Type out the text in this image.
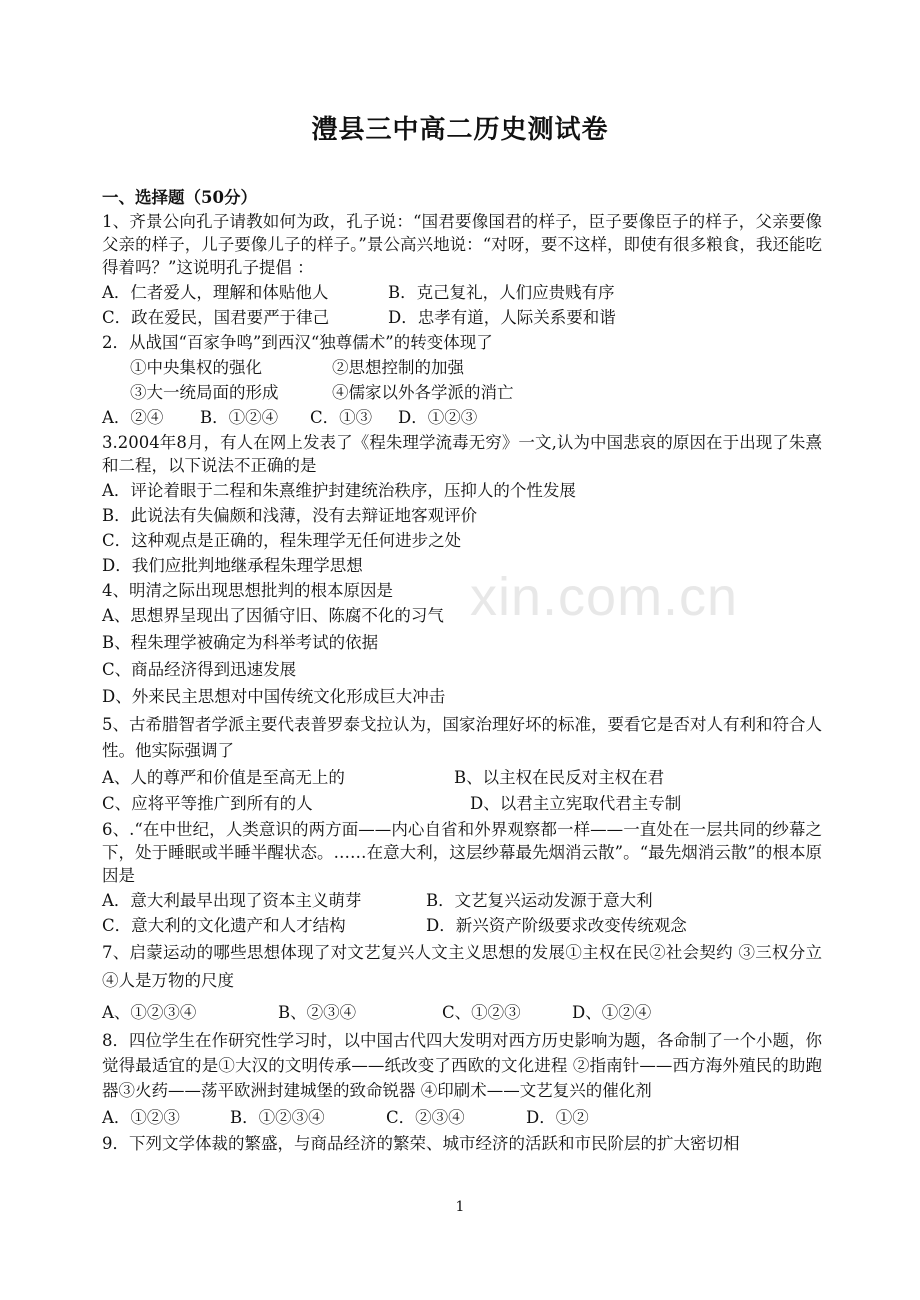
xin.com.cn
澧县三中高二历史测试卷
一、选择题（50分）

1、齐景公向孔子请教如何为政，孔子说：“国君要像国君的样子，臣子要像臣子的样子，父亲要像父亲的样子，儿子要像儿子的样子。”景公高兴地说：“对呀，要不这样，即使有很多粮食，我还能吃得着吗？”这说明孔子提倡 ：

A．仁者爱人，理解和体贴他人	B．克己复礼，人们应贵贱有序
C．政在爱民，国君要严于律己	D．忠孝有道，人际关系要和谐

2．从战国“百家争鸣”到西汉“独尊儒术”的转变体现了

①中央集权的强化	②思想控制的加强
③大一统局面的形成	④儒家以外各学派的消亡
A．②④	B．①②④	C．①③	D．①②③

3.2004年8月，有人在网上发表了《程朱理学流毒无穷》一文,认为中国悲哀的原因在于出现了朱熹和二程，以下说法不正确的是

A．评论着眼于二程和朱熹维护封建统治秩序，压抑人的个性发展

B．此说法有失偏颇和浅薄，没有去辩证地客观评价

C．这种观点是正确的，程朱理学无任何进步之处

D．我们应批判地继承程朱理学思想

4、明清之际出现思想批判的根本原因是

A、思想界呈现出了因循守旧、陈腐不化的习气

B、程朱理学被确定为科举考试的依据

C、商品经济得到迅速发展

D、外来民主思想对中国传统文化形成巨大冲击

5、古希腊智者学派主要代表普罗泰戈拉认为，国家治理好坏的标准，要看它是否对人有利和符合人性。他实际强调了

A、人的尊严和价值是至高无上的	B、以主权在民反对主权在君
C、应将平等推广到所有的人	D、以君主立宪取代君主专制

6、.“在中世纪，人类意识的两方面——内心自省和外界观察都一样——一直处在一层共同的纱幕之下，处于睡眠或半睡半醒状态。……在意大利，这层纱幕最先烟消云散”。“最先烟消云散”的根本原因是

A．意大利最早出现了资本主义萌芽	B．文艺复兴运动发源于意大利
C．意大利的文化遗产和人才结构	D．新兴资产阶级要求改变传统观念

7、启蒙运动的哪些思想体现了对文艺复兴人文主义思想的发展①主权在民②社会契约 ③三权分立　④人是万物的尺度

A、①②③④	B、②③④	C、①②③	D、①②④

8．四位学生在作研究性学习时，以中国古代四大发明对西方历史影响为题，各命制了一个小题，你觉得最适宜的是①大汉的文明传承——纸改变了西欧的文化进程 ②指南针——西方海外殖民的助跑器③火药——荡平欧洲封建城堡的致命锐器 ④印刷术——文艺复兴的催化剂

A．①②③	B．①②③④	C．②③④	D．①②

9．下列文学体裁的繁盛，与商品经济的繁荣、城市经济的活跃和市民阶层的扩大密切相

1
